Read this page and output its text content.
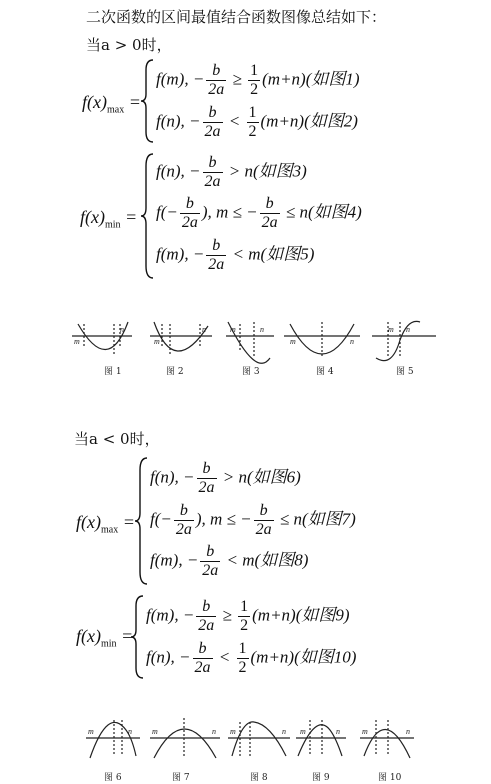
二次函数的区间最值结合函数图像总结如下：
当a > 0时，
$f(x)_{max}$ =
f(m), − $\frac{b}{2a} \ge \frac{1}{2} (m+n)$(如图1)
f(n), − $\frac{b}{2a} < \frac{1}{2} (m+n)$(如图2)
$f(x)_{min}$ =
f(n), − $\frac{b}{2a} > n$(如图3)
$f(- \frac{b}{2a}$ ), m ≤ − $\frac{b}{2a} \le n$(如图4)
f(m), − $\frac{b}{2a} < m$(如图5)
m
n
m
n	m	n
m	n
m n
图 1	图 2	图 3	图 4	图 5
当a < 0时，
$f(x)_{max}$ =
f(n), − $\frac{b}{2a} > n$(如图6)
$f(- \frac{b}{2a}$ ), m ≤ − $\frac{b}{2a} \le n$(如图7)
f(m), − $\frac{b}{2a} < m$(如图8)
$f(x)_{min}$ =
f(m), − $\frac{b}{2a} \ge \frac{1}{2} (m+n)$(如图9)
f(n), − $\frac{b}{2a} < \frac{1}{2} (m+n)$(如图10)
m	n	m	n m	n m	n	m	n
图 6	图 7	图 8	图 9	图 10
